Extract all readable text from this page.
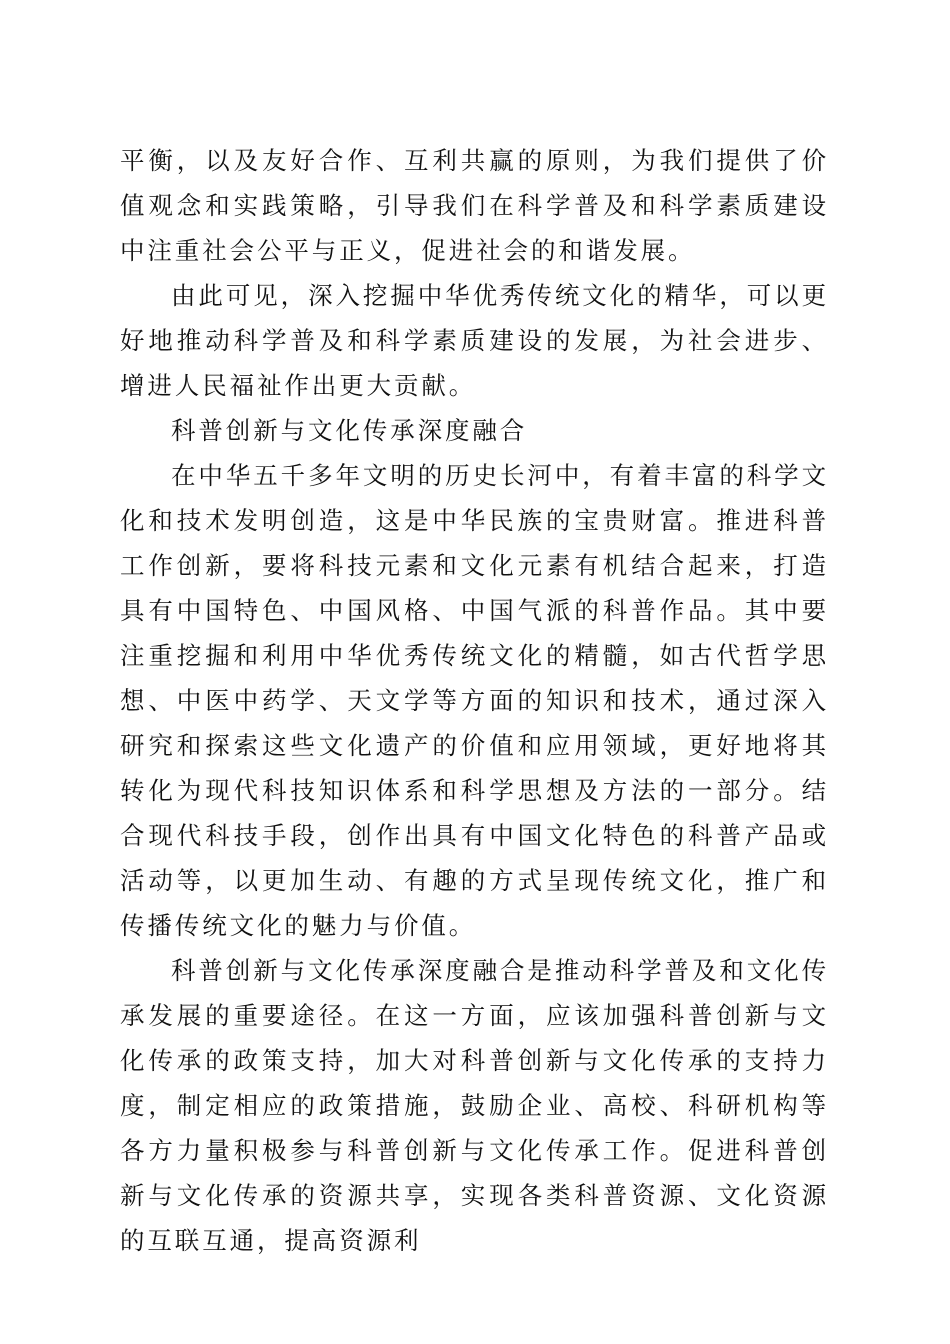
平衡，以及友好合作、互利共赢的原则，为我们提供了价值观念和实践策略，引导我们在科学普及和科学素质建设中注重社会公平与正义，促进社会的和谐发展。

由此可见，深入挖掘中华优秀传统文化的精华，可以更好地推动科学普及和科学素质建设的发展，为社会进步、增进人民福祉作出更大贡献。

科普创新与文化传承深度融合

在中华五千多年文明的历史长河中，有着丰富的科学文化和技术发明创造，这是中华民族的宝贵财富。推进科普工作创新，要将科技元素和文化元素有机结合起来，打造具有中国特色、中国风格、中国气派的科普作品。其中要注重挖掘和利用中华优秀传统文化的精髓，如古代哲学思想、中医中药学、天文学等方面的知识和技术，通过深入研究和探索这些文化遗产的价值和应用领域，更好地将其转化为现代科技知识体系和科学思想及方法的一部分。结合现代科技手段，创作出具有中国文化特色的科普产品或活动等，以更加生动、有趣的方式呈现传统文化，推广和传播传统文化的魅力与价值。

科普创新与文化传承深度融合是推动科学普及和文化传承发展的重要途径。在这一方面，应该加强科普创新与文化传承的政策支持，加大对科普创新与文化传承的支持力度，制定相应的政策措施，鼓励企业、高校、科研机构等各方力量积极参与科普创新与文化传承工作。促进科普创新与文化传承的资源共享，实现各类科普资源、文化资源的互联互通，提高资源利
